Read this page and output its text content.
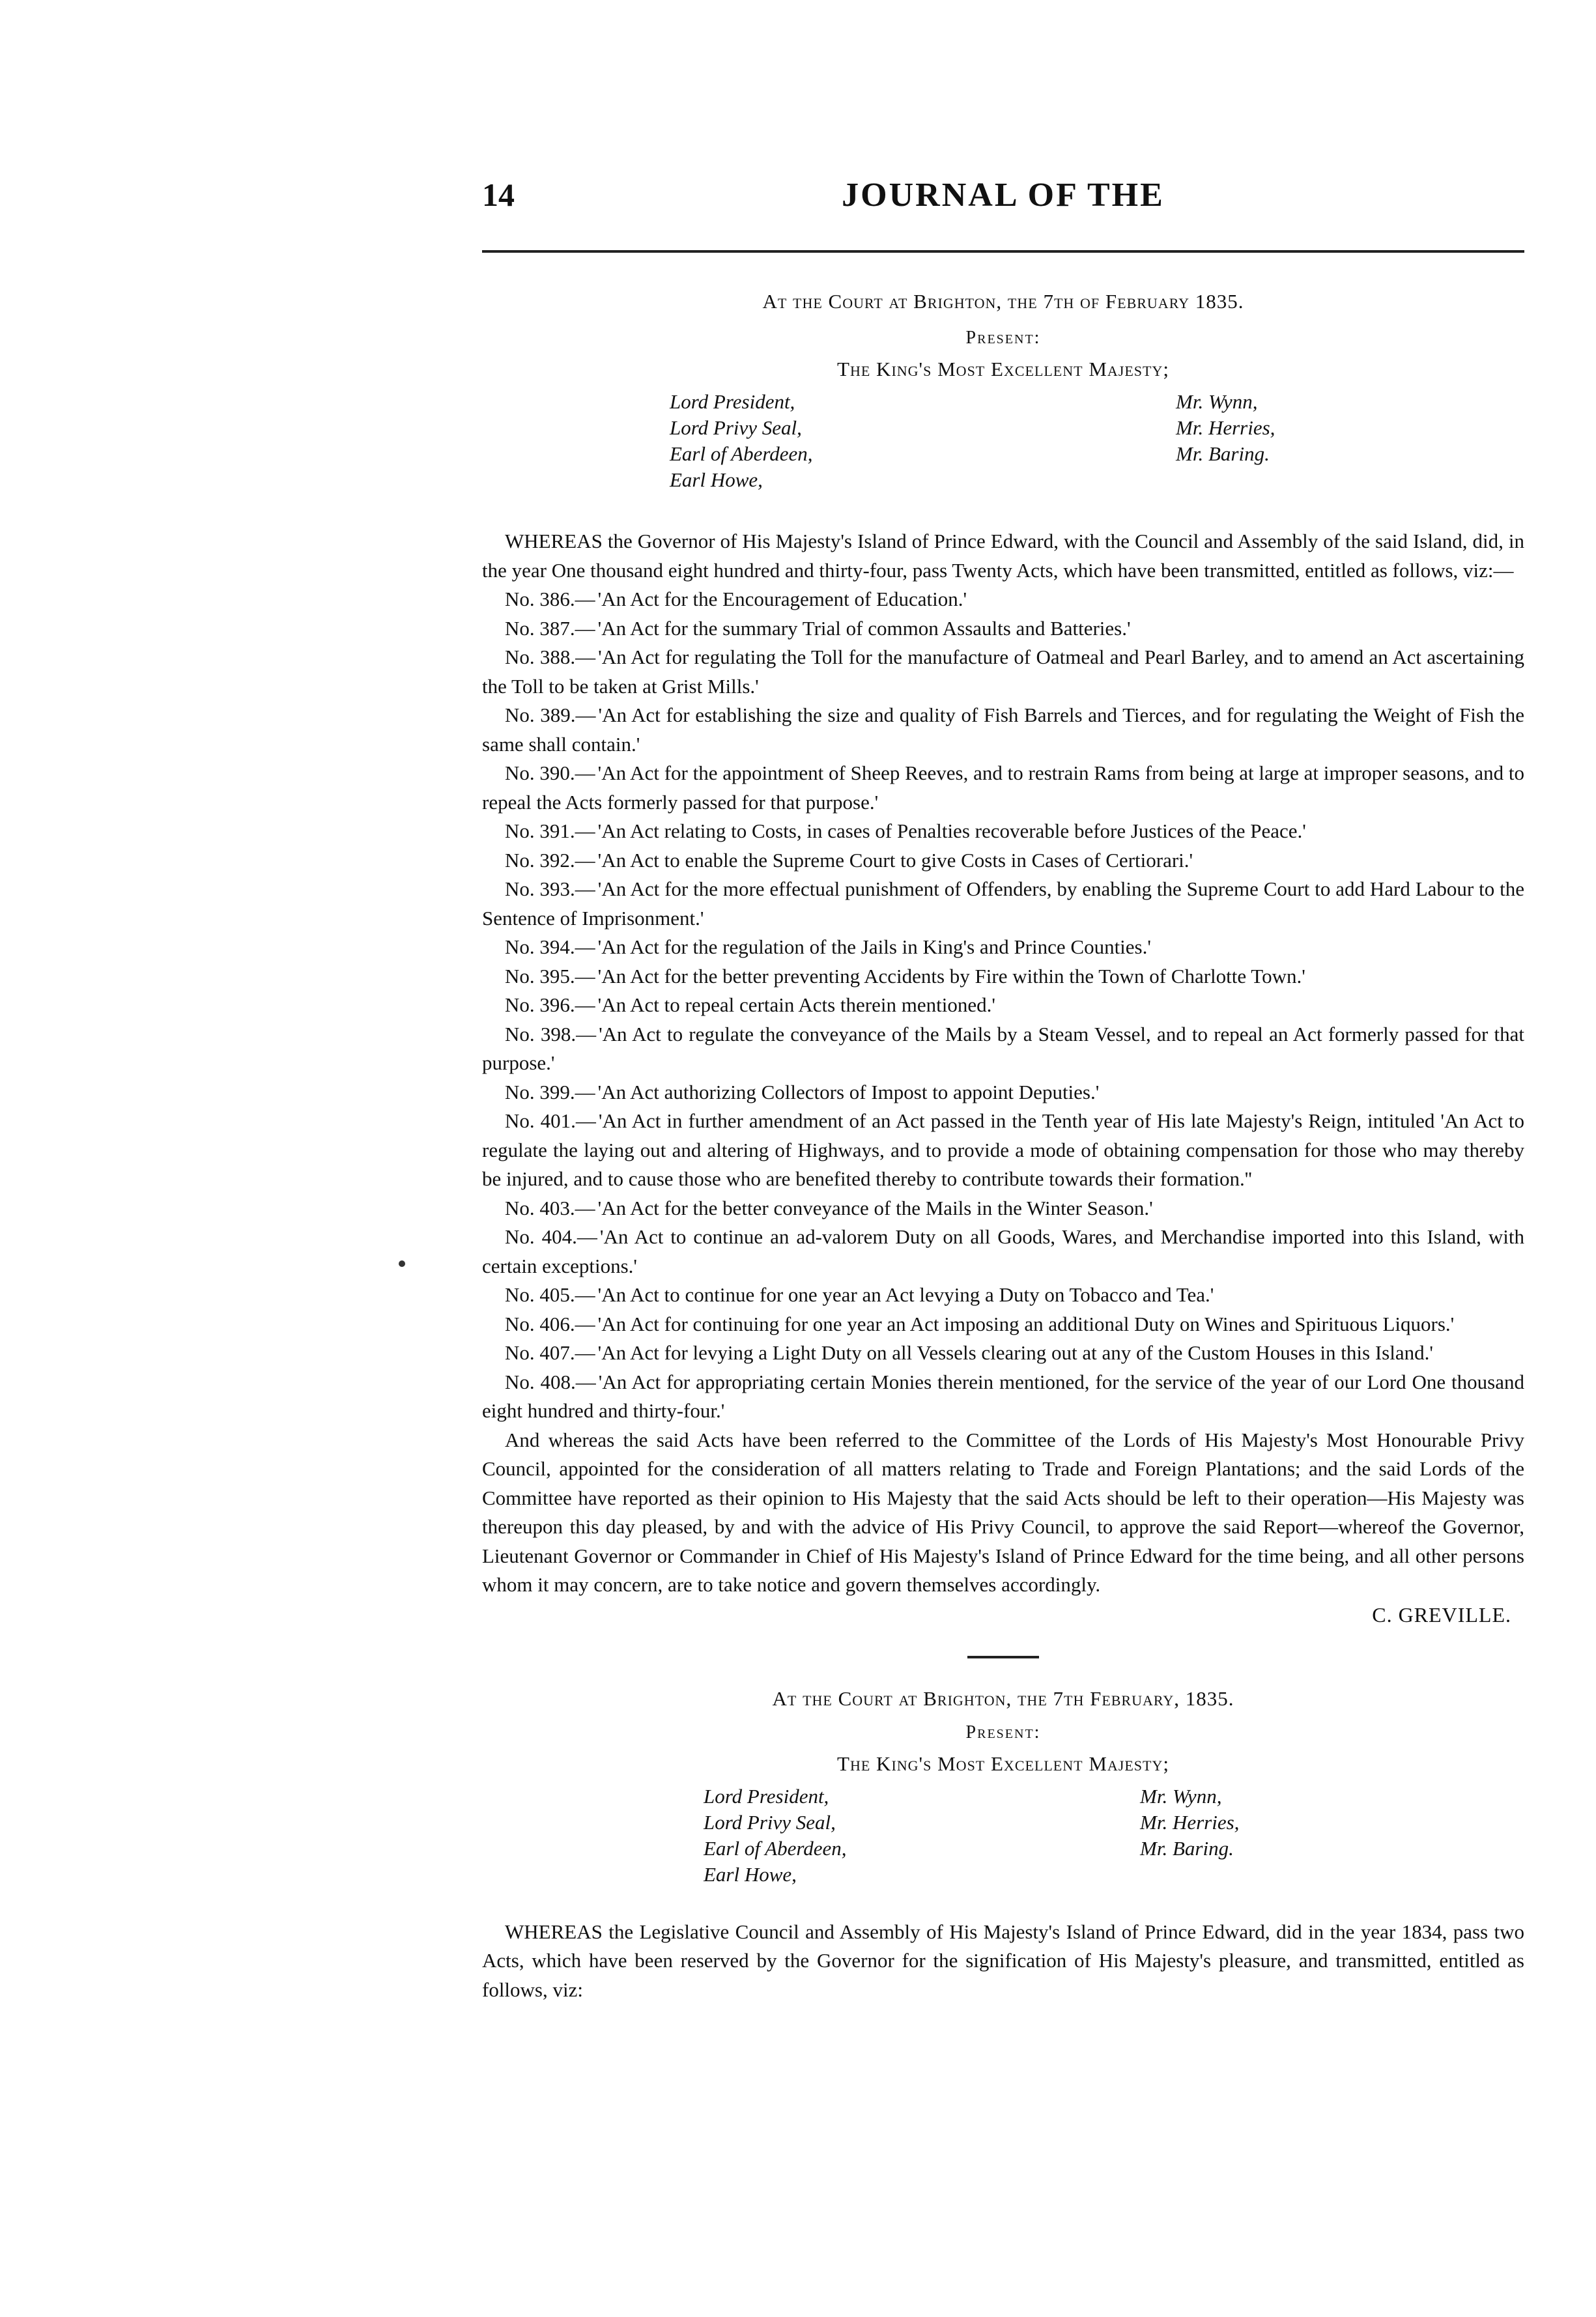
14	JOURNAL OF THE

At the Court at Brighton, the 7th of February 1835.

Present:

The King's Most Excellent Majesty;

Lord President,
Lord Privy Seal,
Earl of Aberdeen,
Earl Howe,
Mr. Wynn,
Mr. Herries,
Mr. Baring.

WHEREAS the Governor of His Majesty's Island of Prince Edward, with the Council and Assembly of the said Island, did, in the year One thousand eight hundred and thirty-four, pass Twenty Acts, which have been transmitted, entitled as follows, viz:—

No. 386.— 'An Act for the Encouragement of Education.'

No. 387.— 'An Act for the summary Trial of common Assaults and Batteries.'

No. 388.— 'An Act for regulating the Toll for the manufacture of Oatmeal and Pearl Barley, and to amend an Act ascertaining the Toll to be taken at Grist Mills.'

No. 389.— 'An Act for establishing the size and quality of Fish Barrels and Tierces, and for regulating the Weight of Fish the same shall contain.'

No. 390.— 'An Act for the appointment of Sheep Reeves, and to restrain Rams from being at large at improper seasons, and to repeal the Acts formerly passed for that purpose.'

No. 391.— 'An Act relating to Costs, in cases of Penalties recoverable before Justices of the Peace.'

No. 392.— 'An Act to enable the Supreme Court to give Costs in Cases of Certiorari.'

No. 393.— 'An Act for the more effectual punishment of Offenders, by enabling the Supreme Court to add Hard Labour to the Sentence of Imprisonment.'

No. 394.— 'An Act for the regulation of the Jails in King's and Prince Counties.'

No. 395.— 'An Act for the better preventing Accidents by Fire within the Town of Charlotte Town.'

No. 396.— 'An Act to repeal certain Acts therein mentioned.'

No. 398.— 'An Act to regulate the conveyance of the Mails by a Steam Vessel, and to repeal an Act formerly passed for that purpose.'

No. 399.— 'An Act authorizing Collectors of Impost to appoint Deputies.'

No. 401.— 'An Act in further amendment of an Act passed in the Tenth year of His late Majesty's Reign, intituled 'An Act to regulate the laying out and altering of Highways, and to provide a mode of obtaining compensation for those who may thereby be injured, and to cause those who are benefited thereby to contribute towards their formation.''

No. 403.— 'An Act for the better conveyance of the Mails in the Winter Season.'

No. 404.— 'An Act to continue an ad-valorem Duty on all Goods, Wares, and Merchandise imported into this Island, with certain exceptions.'

No. 405.— 'An Act to continue for one year an Act levying a Duty on Tobacco and Tea.'

No. 406.— 'An Act for continuing for one year an Act imposing an additional Duty on Wines and Spirituous Liquors.'

No. 407.— 'An Act for levying a Light Duty on all Vessels clearing out at any of the Custom Houses in this Island.'

No. 408.— 'An Act for appropriating certain Monies therein mentioned, for the service of the year of our Lord One thousand eight hundred and thirty-four.'

And whereas the said Acts have been referred to the Committee of the Lords of His Majesty's Most Honourable Privy Council, appointed for the consideration of all matters relating to Trade and Foreign Plantations; and the said Lords of the Committee have reported as their opinion to His Majesty that the said Acts should be left to their operation—His Majesty was thereupon this day pleased, by and with the advice of His Privy Council, to approve the said Report—whereof the Governor, Lieutenant Governor or Commander in Chief of His Majesty's Island of Prince Edward for the time being, and all other persons whom it may concern, are to take notice and govern themselves accordingly.

C. GREVILLE.

At the Court at Brighton, the 7th February, 1835.

Present:

The King's Most Excellent Majesty;

Lord President,
Lord Privy Seal,
Earl of Aberdeen,
Earl Howe,
Mr. Wynn,
Mr. Herries,
Mr. Baring.

WHEREAS the Legislative Council and Assembly of His Majesty's Island of Prince Edward, did in the year 1834, pass two Acts, which have been reserved by the Governor for the signification of His Majesty's pleasure, and transmitted, entitled as follows, viz:
